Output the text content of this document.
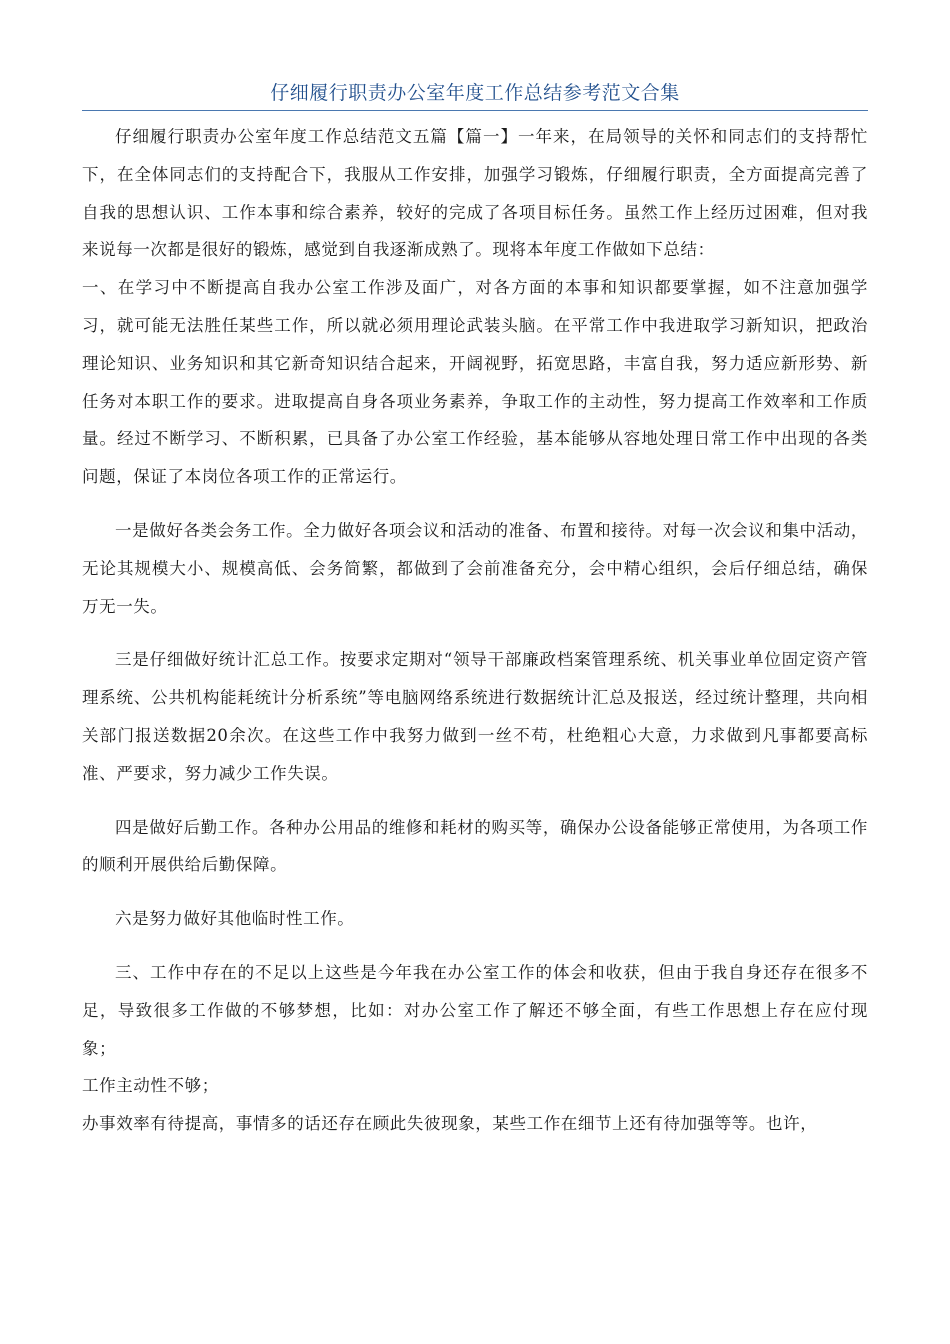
仔细履行职责办公室年度工作总结参考范文合集

仔细履行职责办公室年度工作总结范文五篇【篇一】一年来，在局领导的关怀和同志们的支持帮忙下，在全体同志们的支持配合下，我服从工作安排，加强学习锻炼，仔细履行职责，全方面提高完善了自我的思想认识、工作本事和综合素养，较好的完成了各项目标任务。虽然工作上经历过困难，但对我来说每一次都是很好的锻炼，感觉到自我逐渐成熟了。现将本年度工作做如下总结：

一、在学习中不断提高自我办公室工作涉及面广，对各方面的本事和知识都要掌握，如不注意加强学习，就可能无法胜任某些工作，所以就必须用理论武装头脑。在平常工作中我进取学习新知识，把政治理论知识、业务知识和其它新奇知识结合起来，开阔视野，拓宽思路，丰富自我，努力适应新形势、新任务对本职工作的要求。进取提高自身各项业务素养，争取工作的主动性，努力提高工作效率和工作质量。经过不断学习、不断积累，已具备了办公室工作经验，基本能够从容地处理日常工作中出现的各类问题，保证了本岗位各项工作的正常运行。

一是做好各类会务工作。全力做好各项会议和活动的准备、布置和接待。对每一次会议和集中活动，无论其规模大小、规模高低、会务简繁，都做到了会前准备充分，会中精心组织，会后仔细总结，确保万无一失。

三是仔细做好统计汇总工作。按要求定期对“领导干部廉政档案管理系统、机关事业单位固定资产管理系统、公共机构能耗统计分析系统”等电脑网络系统进行数据统计汇总及报送，经过统计整理，共向相关部门报送数据20余次。在这些工作中我努力做到一丝不苟，杜绝粗心大意，力求做到凡事都要高标准、严要求，努力减少工作失误。

四是做好后勤工作。各种办公用品的维修和耗材的购买等，确保办公设备能够正常使用，为各项工作的顺利开展供给后勤保障。

六是努力做好其他临时性工作。

三、工作中存在的不足以上这些是今年我在办公室工作的体会和收获，但由于我自身还存在很多不足，导致很多工作做的不够梦想，比如：对办公室工作了解还不够全面，有些工作思想上存在应付现象；

工作主动性不够；

办事效率有待提高，事情多的话还存在顾此失彼现象，某些工作在细节上还有待加强等等。也许，
